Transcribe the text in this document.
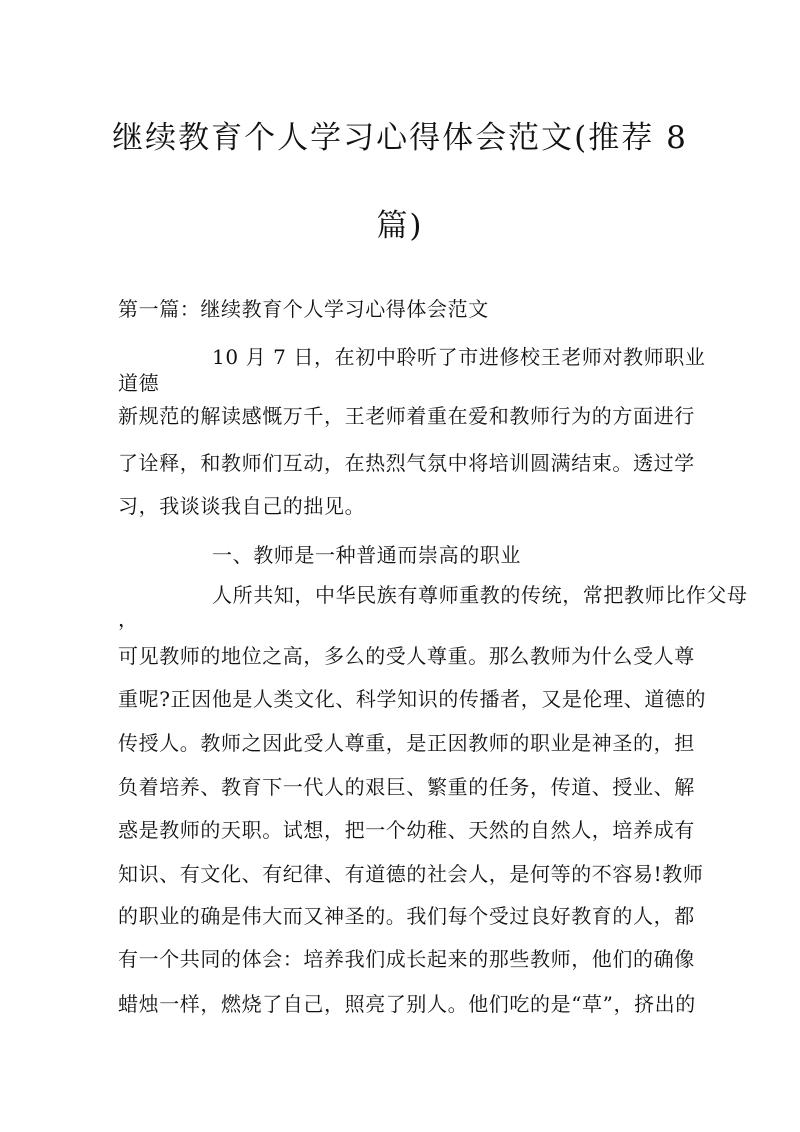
继续教育个人学习心得体会范文(推荐 8
篇)
第一篇：继续教育个人学习心得体会范文
10 月 7 日，在初中聆听了市进修校王老师对教师职业
道德
新规范的解读感慨万千，王老师着重在爱和教师行为的方面进行
了诠释，和教师们互动，在热烈气氛中将培训圆满结束。透过学
习，我谈谈我自己的拙见。
一、教师是一种普通而崇高的职业
人所共知，中华民族有尊师重教的传统，常把教师比作父母
，
可见教师的地位之高，多么的受人尊重。那么教师为什么受人尊
重呢?正因他是人类文化、科学知识的传播者，又是伦理、道德的
传授人。教师之因此受人尊重，是正因教师的职业是神圣的，担
负着培养、教育下一代人的艰巨、繁重的任务，传道、授业、解
惑是教师的天职。试想，把一个幼稚、天然的自然人，培养成有
知识、有文化、有纪律、有道德的社会人，是何等的不容易!教师
的职业的确是伟大而又神圣的。我们每个受过良好教育的人，都
有一个共同的体会：培养我们成长起来的那些教师，他们的确像
蜡烛一样，燃烧了自己，照亮了别人。他们吃的是“草”，挤出的
